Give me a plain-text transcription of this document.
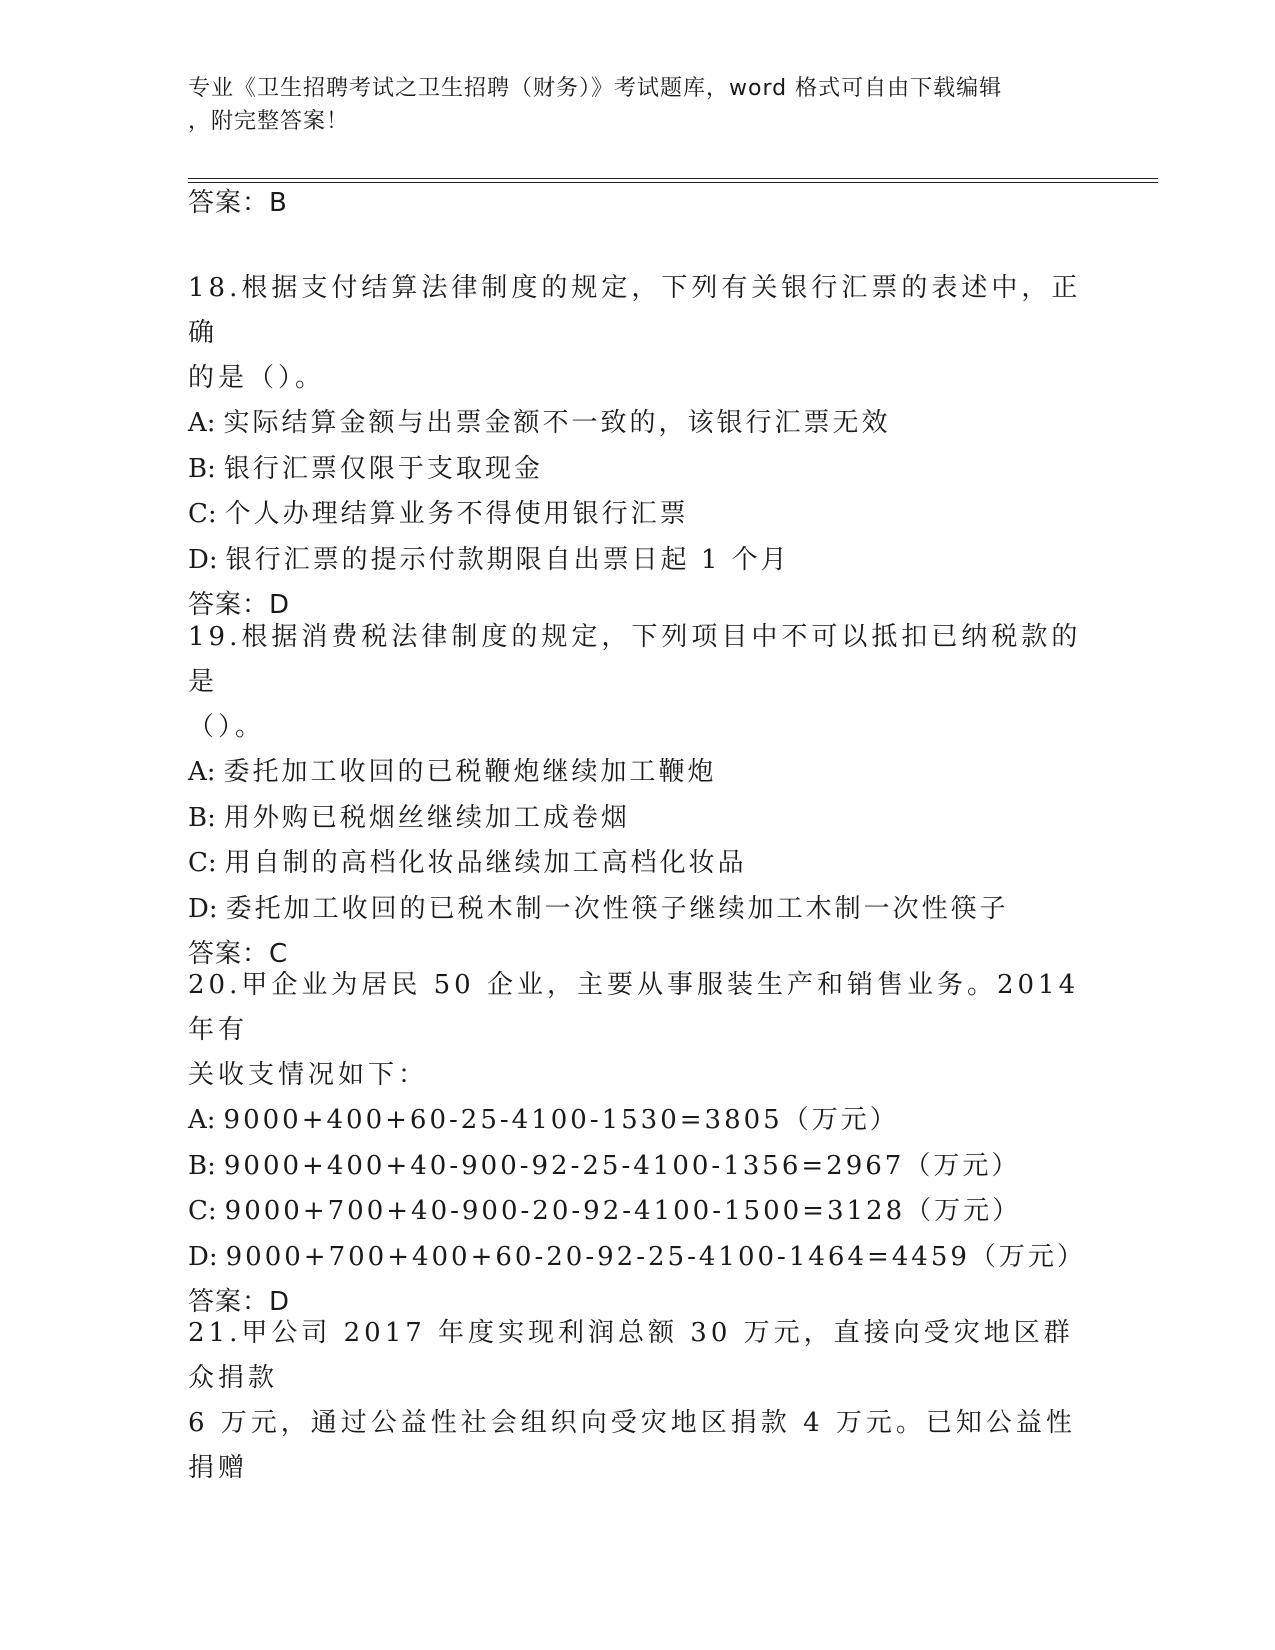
专业《卫生招聘考试之卫生招聘（财务）》考试题库，word 格式可自由下载编辑
，附完整答案！
答案：B

18.根据支付结算法律制度的规定，下列有关银行汇票的表述中，正确

的是（）。

A: 实际结算金额与出票金额不一致的，该银行汇票无效
B: 银行汇票仅限于支取现金
C: 个人办理结算业务不得使用银行汇票
D: 银行汇票的提示付款期限自出票日起 1 个月
答案：D

19.根据消费税法律制度的规定，下列项目中不可以抵扣已纳税款的是

（）。

A: 委托加工收回的已税鞭炮继续加工鞭炮
B: 用外购已税烟丝继续加工成卷烟
C: 用自制的高档化妆品继续加工高档化妆品
D: 委托加工收回的已税木制一次性筷子继续加工木制一次性筷子
答案：C

20.甲企业为居民 50 企业，主要从事服装生产和销售业务。2014 年有

关收支情况如下：

A: 9000+400+60-25-4100-1530=3805（万元）
B: 9000+400+40-900-92-25-4100-1356=2967（万元）
C: 9000+700+40-900-20-92-4100-1500=3128（万元）
D: 9000+700+400+60-20-92-25-4100-1464=4459（万元）
答案：D

21.甲公司 2017 年度实现利润总额 30 万元，直接向受灾地区群众捐款

6 万元，通过公益性社会组织向受灾地区捐款 4 万元。已知公益性捐赠
